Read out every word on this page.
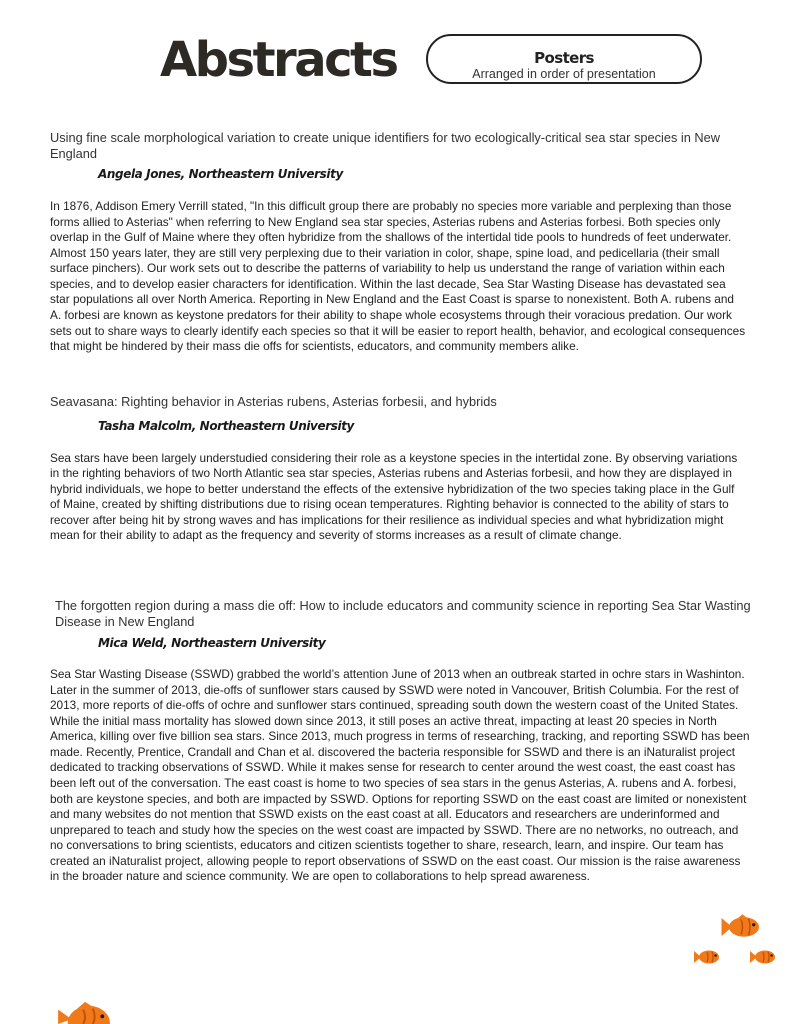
Abstracts	Posters
Arranged in order of presentation
Using fine scale morphological variation to create unique identifiers for two ecologically-critical sea star species in New England
Angela Jones, Northeastern University
In 1876, Addison Emery Verrill stated, "In this difficult group there are probably no species more variable and perplexing than those forms allied to Asterias" when referring to New England sea star species, Asterias rubens and Asterias forbesi. Both species only overlap in the Gulf of Maine where they often hybridize from the shallows of the intertidal tide pools to hundreds of feet underwater. Almost 150 years later, they are still very perplexing due to their variation in color, shape, spine load, and pedicellaria (their small surface pinchers). Our work sets out to describe the patterns of variability to help us understand the range of variation within each species, and to develop easier characters for identification. Within the last decade, Sea Star Wasting Disease has devastated sea star populations all over North America. Reporting in New England and the East Coast is sparse to nonexistent. Both A. rubens and A. forbesi are known as keystone predators for their ability to shape whole ecosystems through their voracious predation. Our work sets out to share ways to clearly identify each species so that it will be easier to report health, behavior, and ecological consequences that might be hindered by their mass die offs for scientists, educators, and community members alike.
Seavasana: Righting behavior in Asterias rubens, Asterias forbesii, and hybrids
Tasha Malcolm, Northeastern University
Sea stars have been largely understudied considering their role as a keystone species in the intertidal zone. By observing variations in the righting behaviors of two North Atlantic sea star species, Asterias rubens and Asterias forbesii, and how they are displayed in hybrid individuals, we hope to better understand the effects of the extensive hybridization of the two species taking place in the Gulf of Maine, created by shifting distributions due to rising ocean temperatures. Righting behavior is connected to the ability of stars to recover after being hit by strong waves and has implications for their resilience as individual species and what hybridization might mean for their ability to adapt as the frequency and severity of storms increases as a result of climate change.
The forgotten region during a mass die off: How to include educators and community science in reporting Sea Star Wasting Disease in New England
Mica Weld, Northeastern University
Sea Star Wasting Disease (SSWD) grabbed the world’s attention June of 2013 when an outbreak started in ochre stars in Washinton. Later in the summer of 2013, die-offs of sunflower stars caused by SSWD were noted in Vancouver, British Columbia. For the rest of 2013, more reports of die-offs of ochre and sunflower stars continued, spreading south down the western coast of the United States. While the initial mass mortality has slowed down since 2013, it still poses an active threat, impacting at least 20 species in North America, killing over five billion sea stars. Since 2013, much progress in terms of researching, tracking, and reporting SSWD has been made. Recently, Prentice, Crandall and Chan et al. discovered the bacteria responsible for SSWD and there is an iNaturalist project dedicated to tracking observations of SSWD. While it makes sense for research to center around the west coast, the east coast has been left out of the conversation. The east coast is home to two species of sea stars in the genus Asterias, A. rubens and A. forbesi, both are keystone species, and both are impacted by SSWD. Options for reporting SSWD on the east coast are limited or nonexistent and many websites do not mention that SSWD exists on the east coast at all. Educators and researchers are underinformed and unprepared to teach and study how the species on the west coast are impacted by SSWD. There are no networks, no outreach, and no conversations to bring scientists, educators and citizen scientists together to share, research, learn, and inspire. Our team has created an iNaturalist project, allowing people to report observations of SSWD on the east coast. Our mission is the raise awareness in the broader nature and science community. We are open to collaborations to help spread awareness.
